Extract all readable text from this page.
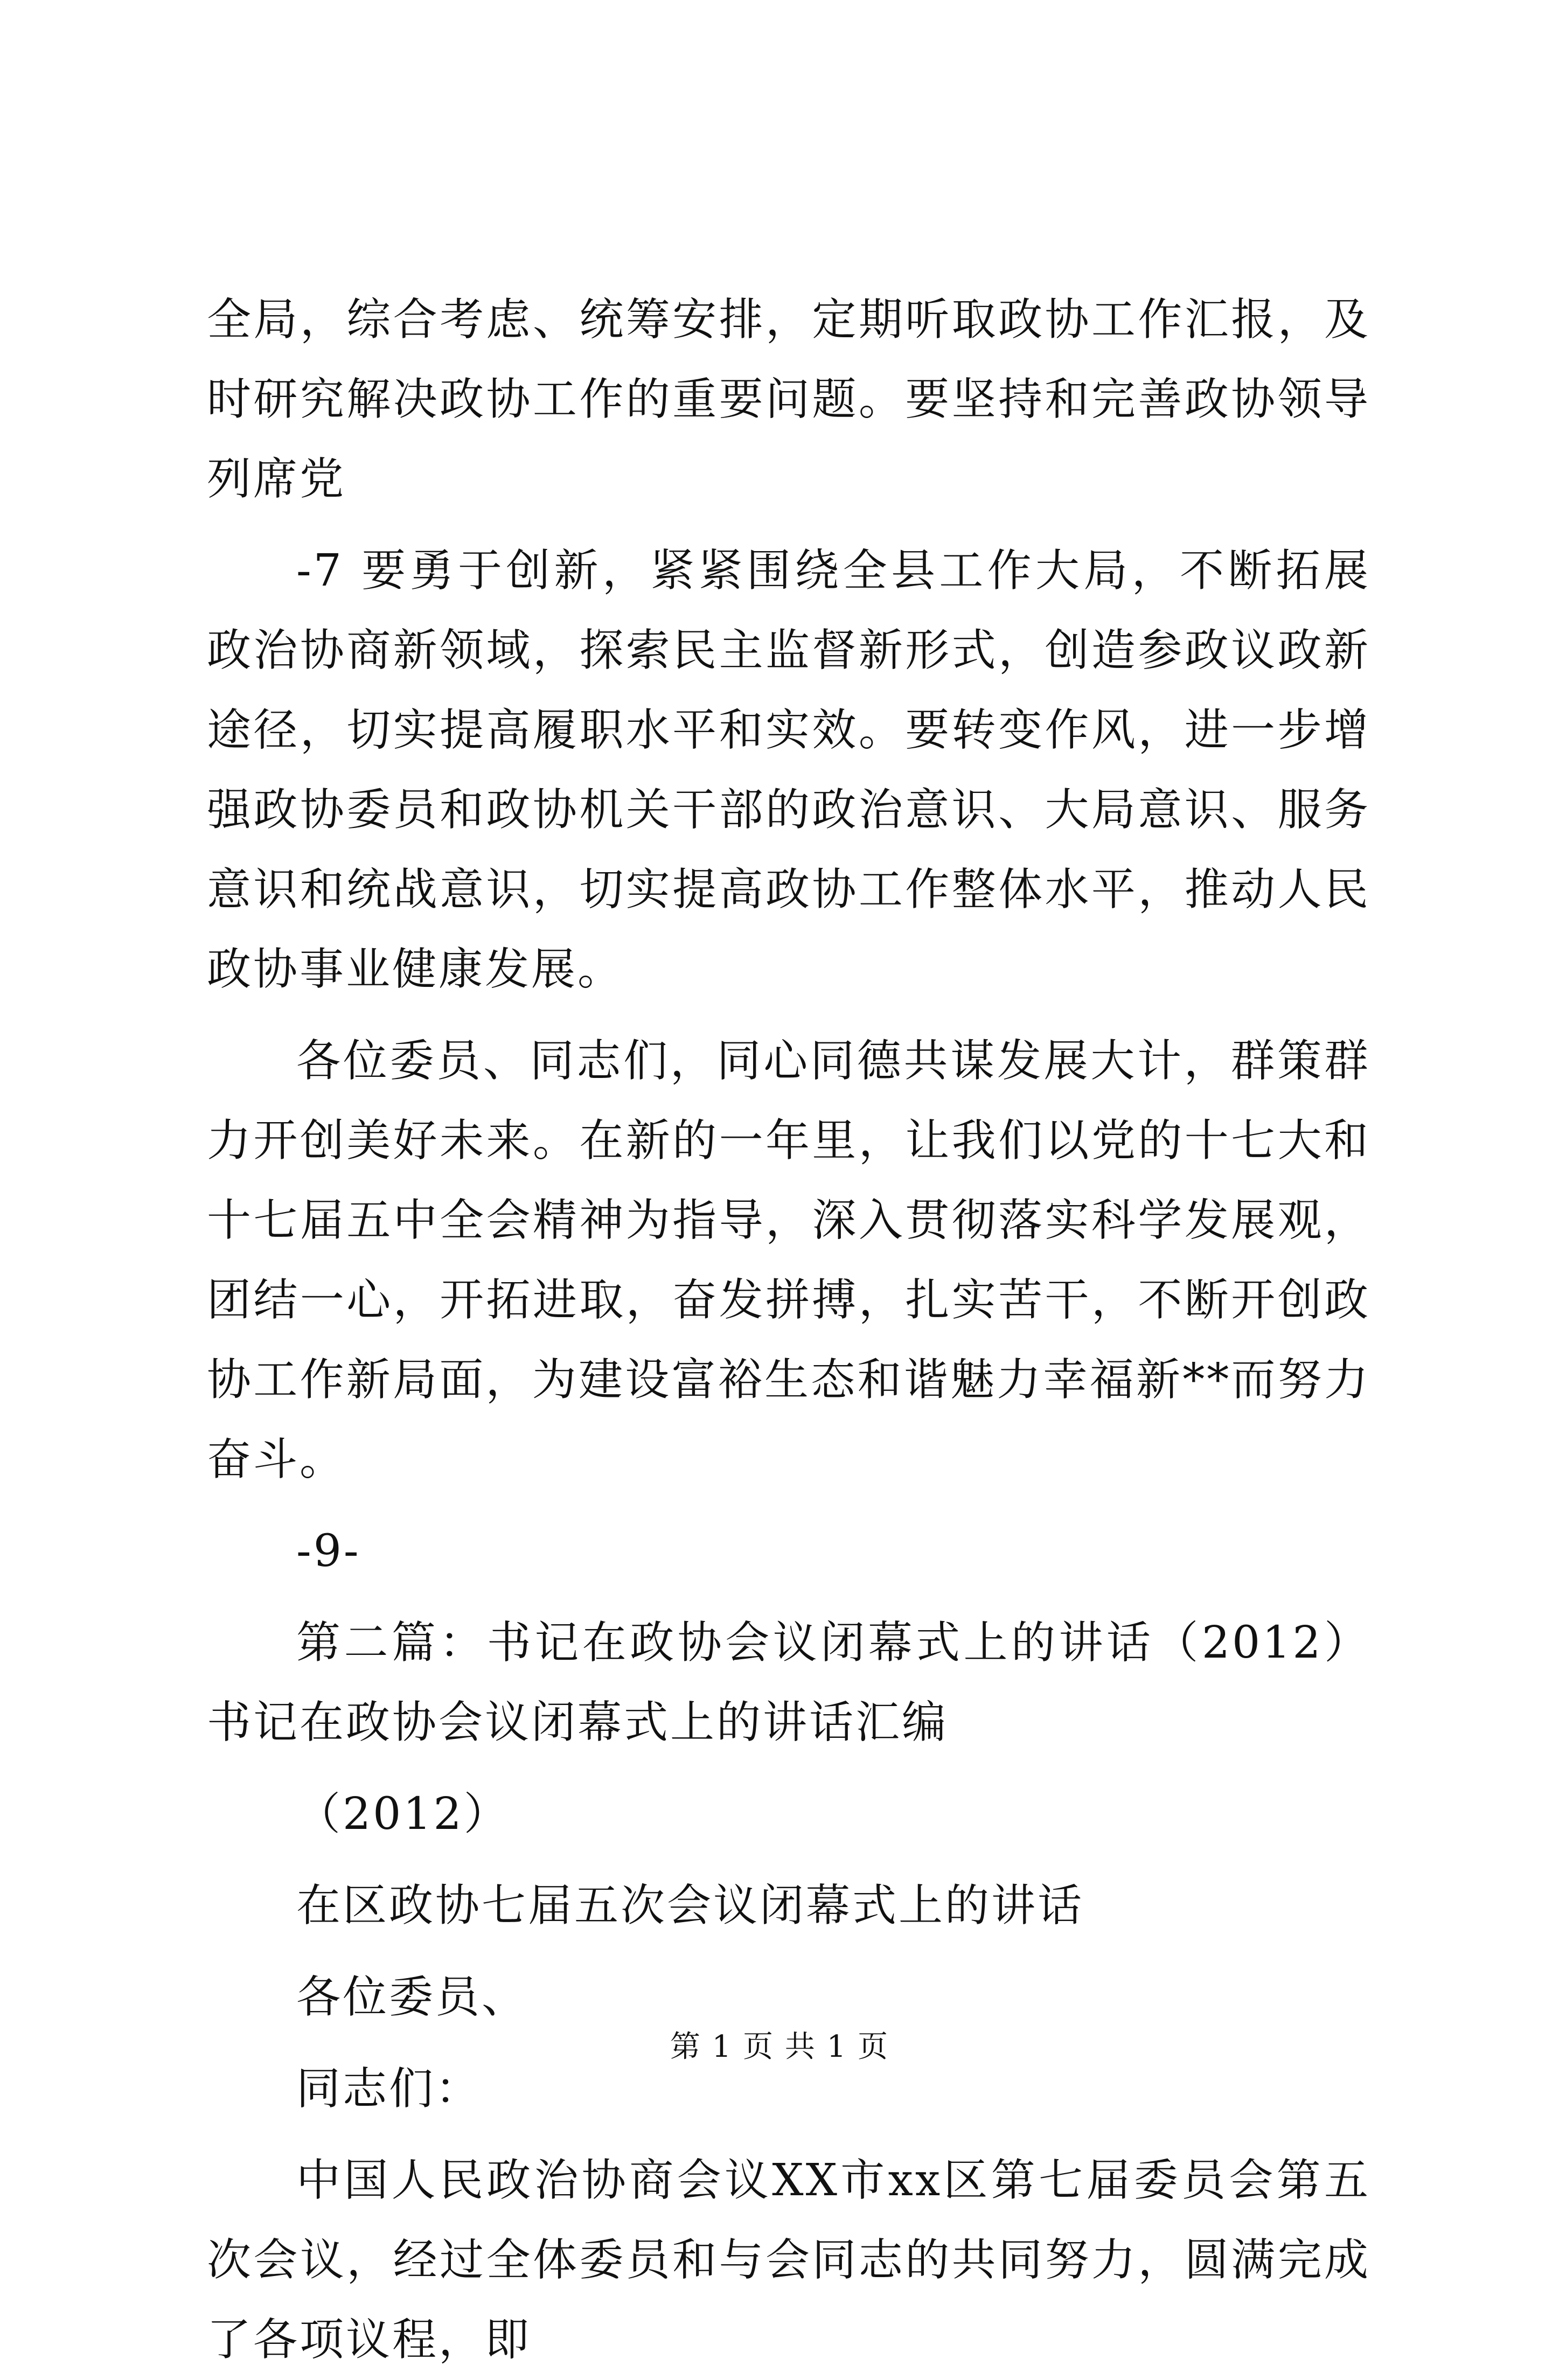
全局，综合考虑、统筹安排，定期听取政协工作汇报，及时研究解决政协工作的重要问题。要坚持和完善政协领导列席党

-7 要勇于创新，紧紧围绕全县工作大局，不断拓展政治协商新领域，探索民主监督新形式，创造参政议政新途径，切实提高履职水平和实效。要转变作风，进一步增强政协委员和政协机关干部的政治意识、大局意识、服务意识和统战意识，切实提高政协工作整体水平，推动人民政协事业健康发展。

各位委员、同志们，同心同德共谋发展大计，群策群力开创美好未来。在新的一年里，让我们以党的十七大和十七届五中全会精神为指导，深入贯彻落实科学发展观，团结一心，开拓进取，奋发拼搏，扎实苦干，不断开创政协工作新局面，为建设富裕生态和谐魅力幸福新**而努力奋斗。

-9-

第二篇：书记在政协会议闭幕式上的讲话（2012）书记在政协会议闭幕式上的讲话汇编

（2012）

在区政协七届五次会议闭幕式上的讲话

各位委员、

同志们：

中国人民政治协商会议XX市xx区第七届委员会第五次会议，经过全体委员和与会同志的共同努力，圆满完成了各项议程，即

第 1 页 共 1 页
